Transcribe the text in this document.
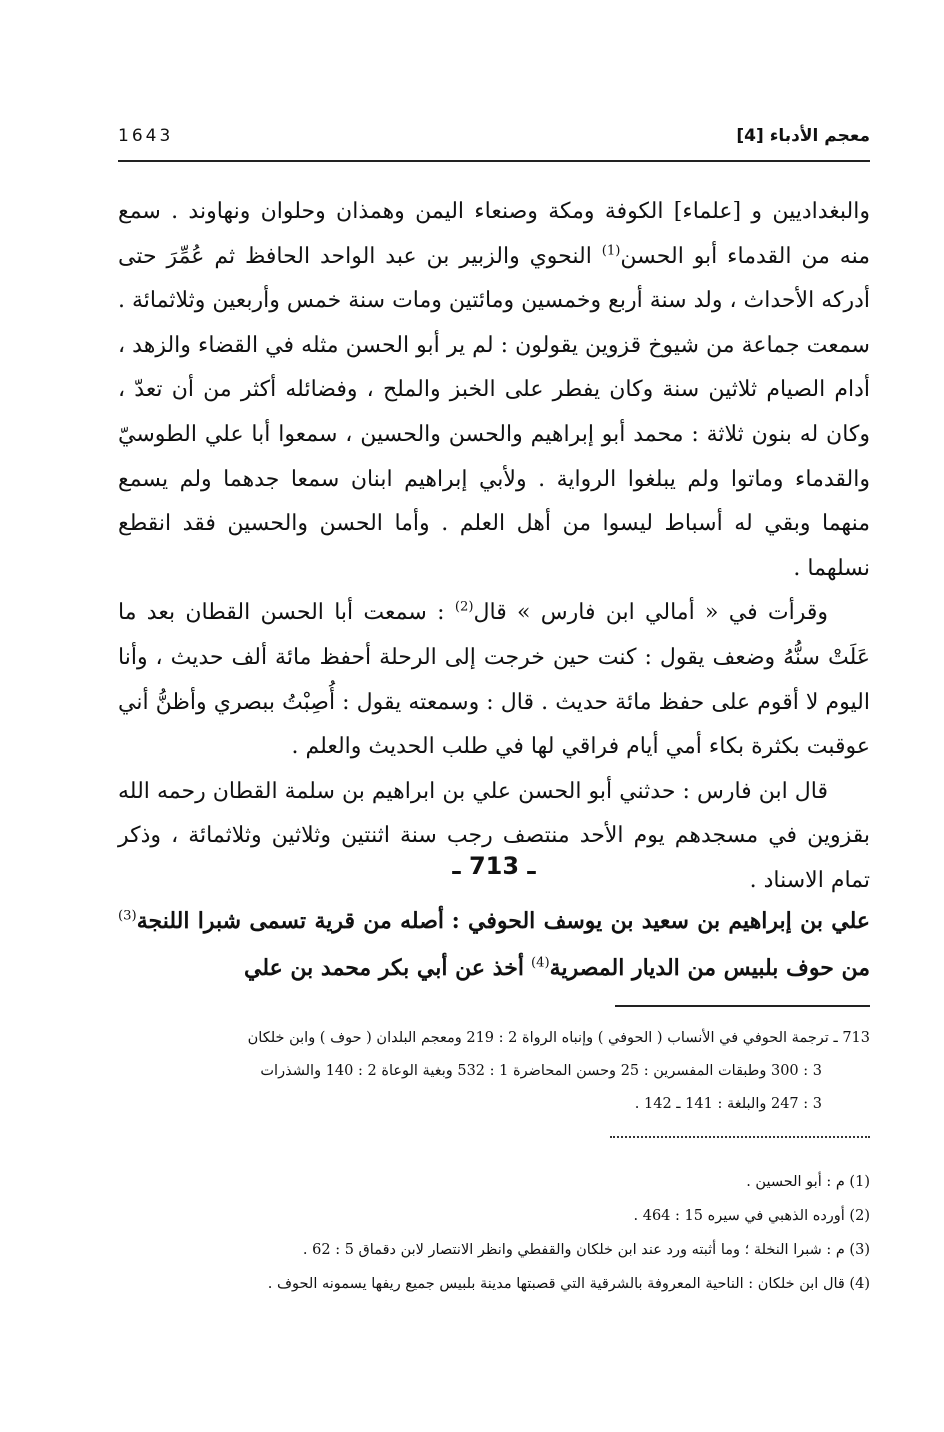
معجم الأدباء [4]
1643

والبغداديين و [علماء] الكوفة ومكة وصنعاء اليمن وهمذان وحلوان ونهاوند . سمع منه من القدماء أبو الحسن$^{(1)}$ النحوي والزبير بن عبد الواحد الحافظ ثم عُمِّرَ حتى أدركه الأحداث ، ولد سنة أربع وخمسين ومائتين ومات سنة خمس وأربعين وثلاثمائة . سمعت جماعة من شيوخ قزوين يقولون : لم ير أبو الحسن مثله في القضاء والزهد ، أدام الصيام ثلاثين سنة وكان يفطر على الخبز والملح ، وفضائله أكثر من أن تعدّ ، وكان له بنون ثلاثة : محمد أبو إبراهيم والحسن والحسين ، سمعوا أبا علي الطوسيّ والقدماء وماتوا ولم يبلغوا الرواية . ولأبي إبراهيم ابنان سمعا جدهما ولم يسمع منهما وبقي له أسباط ليسوا من أهل العلم . وأما الحسن والحسين فقد انقطع نسلهما .

وقرأت في « أمالي ابن فارس » قال$^{(2)}$ : سمعت أبا الحسن القطان بعد ما عَلَتْ سنُّهُ وضعف يقول : كنت حين خرجت إلى الرحلة أحفظ مائة ألف حديث ، وأنا اليوم لا أقوم على حفظ مائة حديث . قال : وسمعته يقول : أُصِبْتُ ببصري وأظنُّ أني عوقبت بكثرة بكاء أمي أيام فراقي لها في طلب الحديث والعلم .

قال ابن فارس : حدثني أبو الحسن علي بن ابراهيم بن سلمة القطان رحمه الله بقزوين في مسجدهم يوم الأحد منتصف رجب سنة اثنتين وثلاثين وثلاثمائة ، وذكر تمام الاسناد .

ـ 713 ـ

علي بن إبراهيم بن سعيد بن يوسف الحوفي : أصله من قرية تسمى شبرا اللنجة$^{(3)}$ من حوف بلبيس من الديار المصرية$^{(4)}$ أخذ عن أبي بكر محمد بن علي

713 ـ ترجمة الحوفي في الأنساب ( الحوفي ) وإنباه الرواة 2 : 219 ومعجم البلدان ( حوف ) وابن خلكان

3 : 300 وطبقات المفسرين : 25 وحسن المحاضرة 1 : 532 وبغية الوعاة 2 : 140 والشذرات

3 : 247 والبلغة : 141 ـ 142 .

(1) م : أبو الحسين .

(2) أورده الذهبي في سيره 15 : 464 .

(3) م : شبرا النخلة ؛ وما أثبته ورد عند ابن خلكان والقفطي وانظر الانتصار لابن دقماق 5 : 62 .

(4) قال ابن خلكان : الناحية المعروفة بالشرقية التي قصبتها مدينة بلبيس جميع ريفها يسمونه الحوف .
